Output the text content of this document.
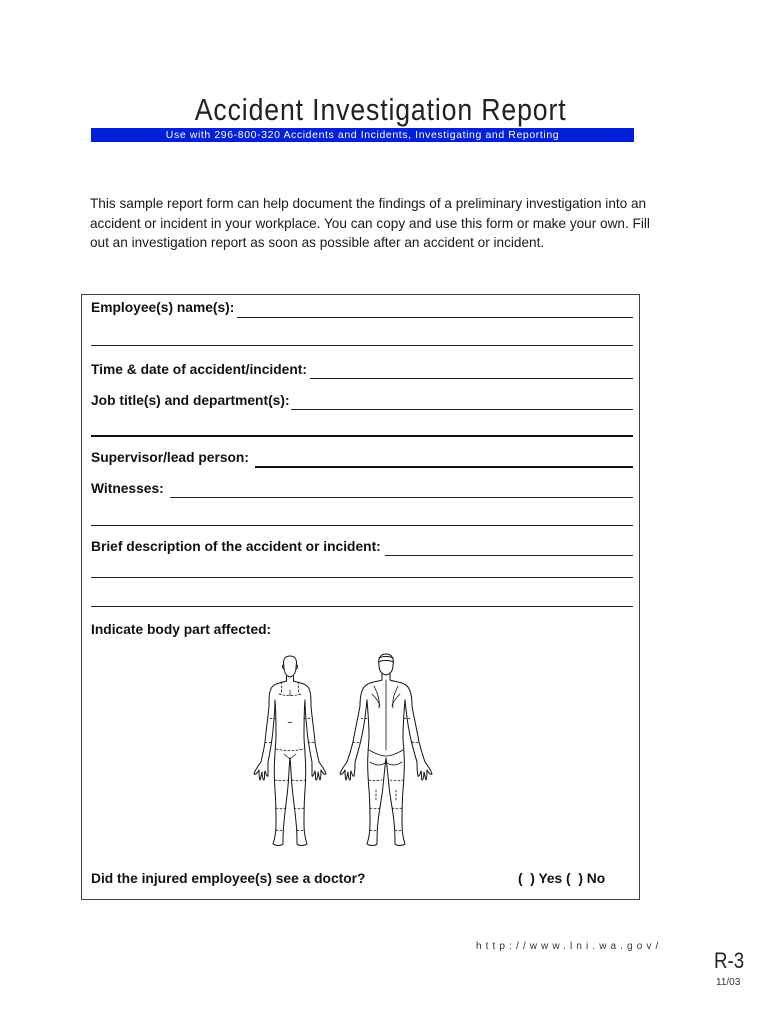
Accident Investigation Report
Use with 296-800-320 Accidents and Incidents, Investigating and Reporting
This sample report form can help document the findings of a preliminary investigation into an accident or incident in your workplace. You can copy and use this form or make your own. Fill out an investigation report as soon as possible after an accident or incident.
Employee(s) name(s):
Time & date of accident/incident:
Job title(s) and department(s):
Supervisor/lead person:
Witnesses:
Brief description of the accident or incident:
Indicate body part affected:
Did the injured employee(s) see a doctor?	(  ) Yes (  ) No
http://www.lni.wa.gov/
R-3
11/03
